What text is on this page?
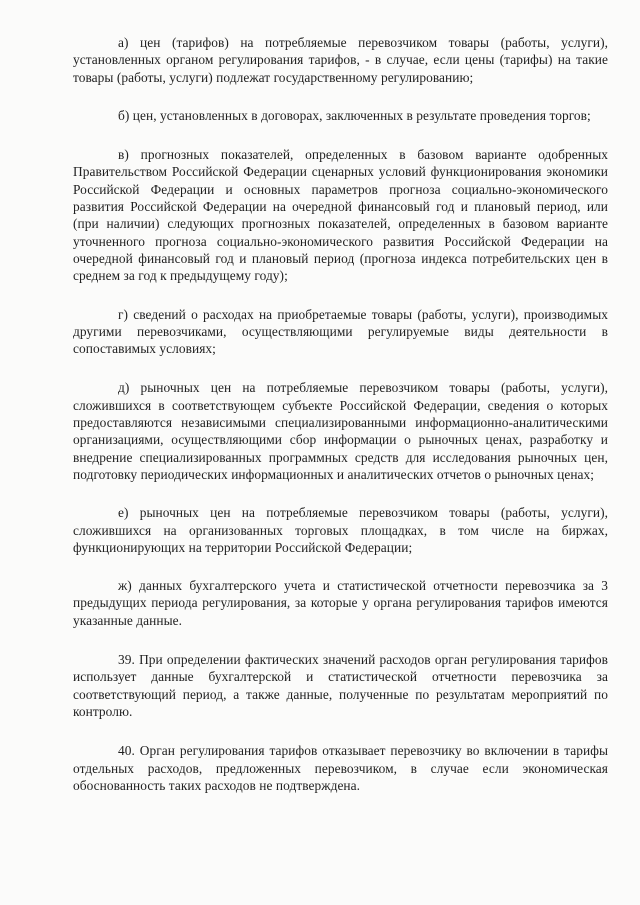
а) цен (тарифов) на потребляемые перевозчиком товары (работы, услуги), установленных органом регулирования тарифов, - в случае, если цены (тарифы) на такие товары (работы, услуги) подлежат государственному регулированию;

б) цен, установленных в договорах, заключенных в результате проведения торгов;

в) прогнозных показателей, определенных в базовом варианте одобренных Правительством Российской Федерации сценарных условий функционирования экономики Российской Федерации и основных параметров прогноза социально-экономического развития Российской Федерации на очередной финансовый год и плановый период, или (при наличии) следующих прогнозных показателей, определенных в базовом варианте уточненного прогноза социально-экономического развития Российской Федерации на очередной финансовый год и плановый период (прогноза индекса потребительских цен в среднем за год к предыдущему году);

г) сведений о расходах на приобретаемые товары (работы, услуги), производимых другими перевозчиками, осуществляющими регулируемые виды деятельности в сопоставимых условиях;

д) рыночных цен на потребляемые перевозчиком товары (работы, услуги), сложившихся в соответствующем субъекте Российской Федерации, сведения о которых предоставляются независимыми специализированными информационно-аналитическими организациями, осуществляющими сбор информации о рыночных ценах, разработку и внедрение специализированных программных средств для исследования рыночных цен, подготовку периодических информационных и аналитических отчетов о рыночных ценах;

е) рыночных цен на потребляемые перевозчиком товары (работы, услуги), сложившихся на организованных торговых площадках, в том числе на биржах, функционирующих на территории Российской Федерации;

ж) данных бухгалтерского учета и статистической отчетности перевозчика за 3 предыдущих периода регулирования, за которые у органа регулирования тарифов имеются указанные данные.

39. При определении фактических значений расходов орган регулирования тарифов использует данные бухгалтерской и статистической отчетности перевозчика за соответствующий период, а также данные, полученные по результатам мероприятий по контролю.

40. Орган регулирования тарифов отказывает перевозчику во включении в тарифы отдельных расходов, предложенных перевозчиком, в случае если экономическая обоснованность таких расходов не подтверждена.
